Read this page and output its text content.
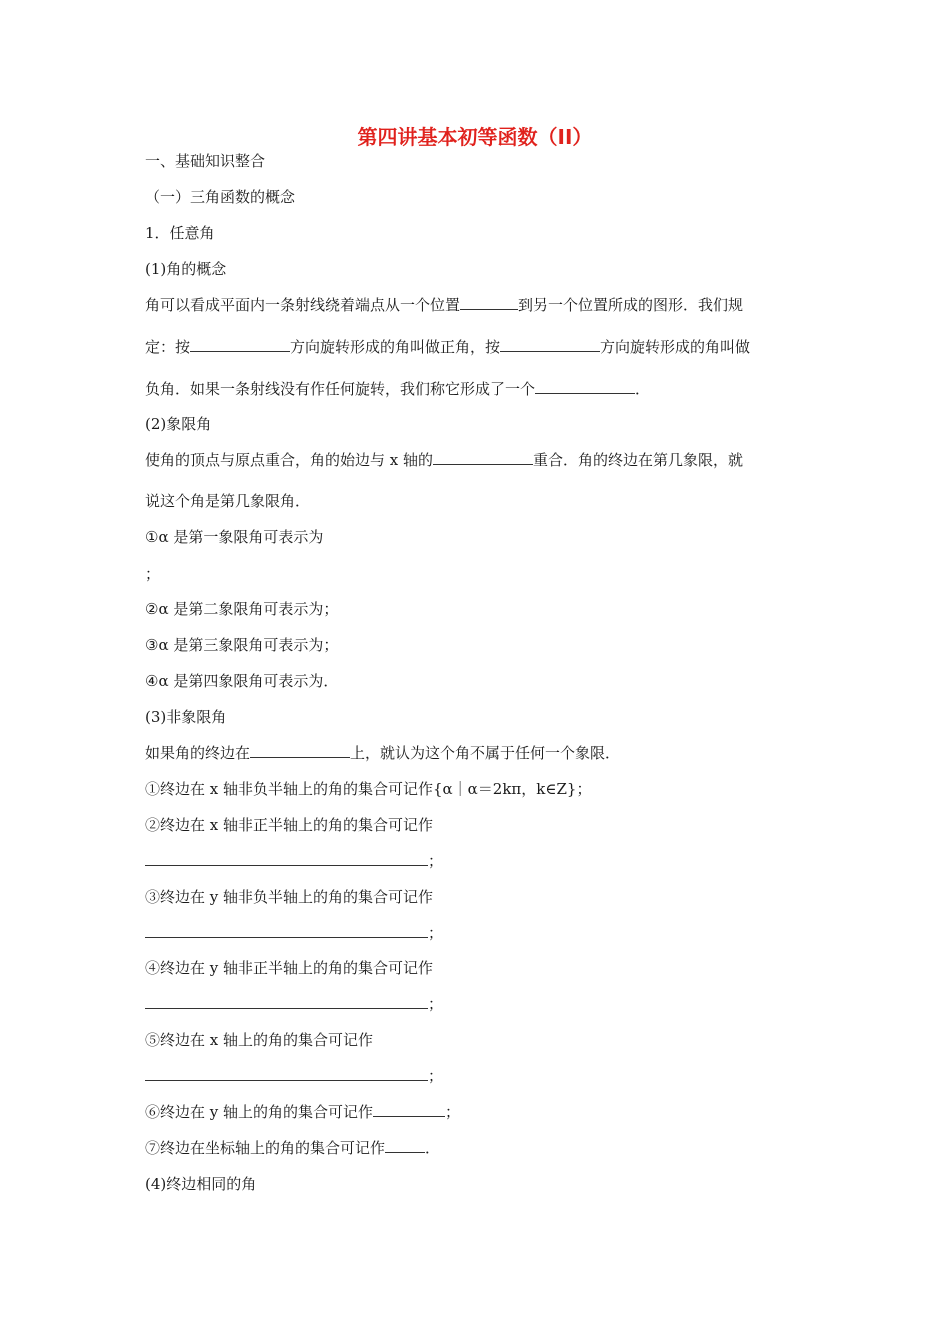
第四讲基本初等函数（II）
一、基础知识整合
（一）三角函数的概念
1．任意角
(1)角的概念
角可以看成平面内一条射线绕着端点从一个位置	到另一个位置所成的图形．我们规
定：按	方向旋转形成的角叫做正角，按	方向旋转形成的角叫做
负角．如果一条射线没有作任何旋转，我们称它形成了一个	．
(2)象限角
使角的顶点与原点重合，角的始边与 x 轴的	重合．角的终边在第几象限，就
说这个角是第几象限角．
①α 是第一象限角可表示为
；
②α 是第二象限角可表示为；
③α 是第三象限角可表示为；
④α 是第四象限角可表示为．
(3)非象限角
如果角的终边在	上，就认为这个角不属于任何一个象限．
①终边在 x 轴非负半轴上的角的集合可记作{α｜α＝2kπ，k∈Z}；
②终边在 x 轴非正半轴上的角的集合可记作
；
③终边在 y 轴非负半轴上的角的集合可记作
；
④终边在 y 轴非正半轴上的角的集合可记作
；
⑤终边在 x 轴上的角的集合可记作
；
⑥终边在 y 轴上的角的集合可记作	；
⑦终边在坐标轴上的角的集合可记作	．
(4)终边相同的角
